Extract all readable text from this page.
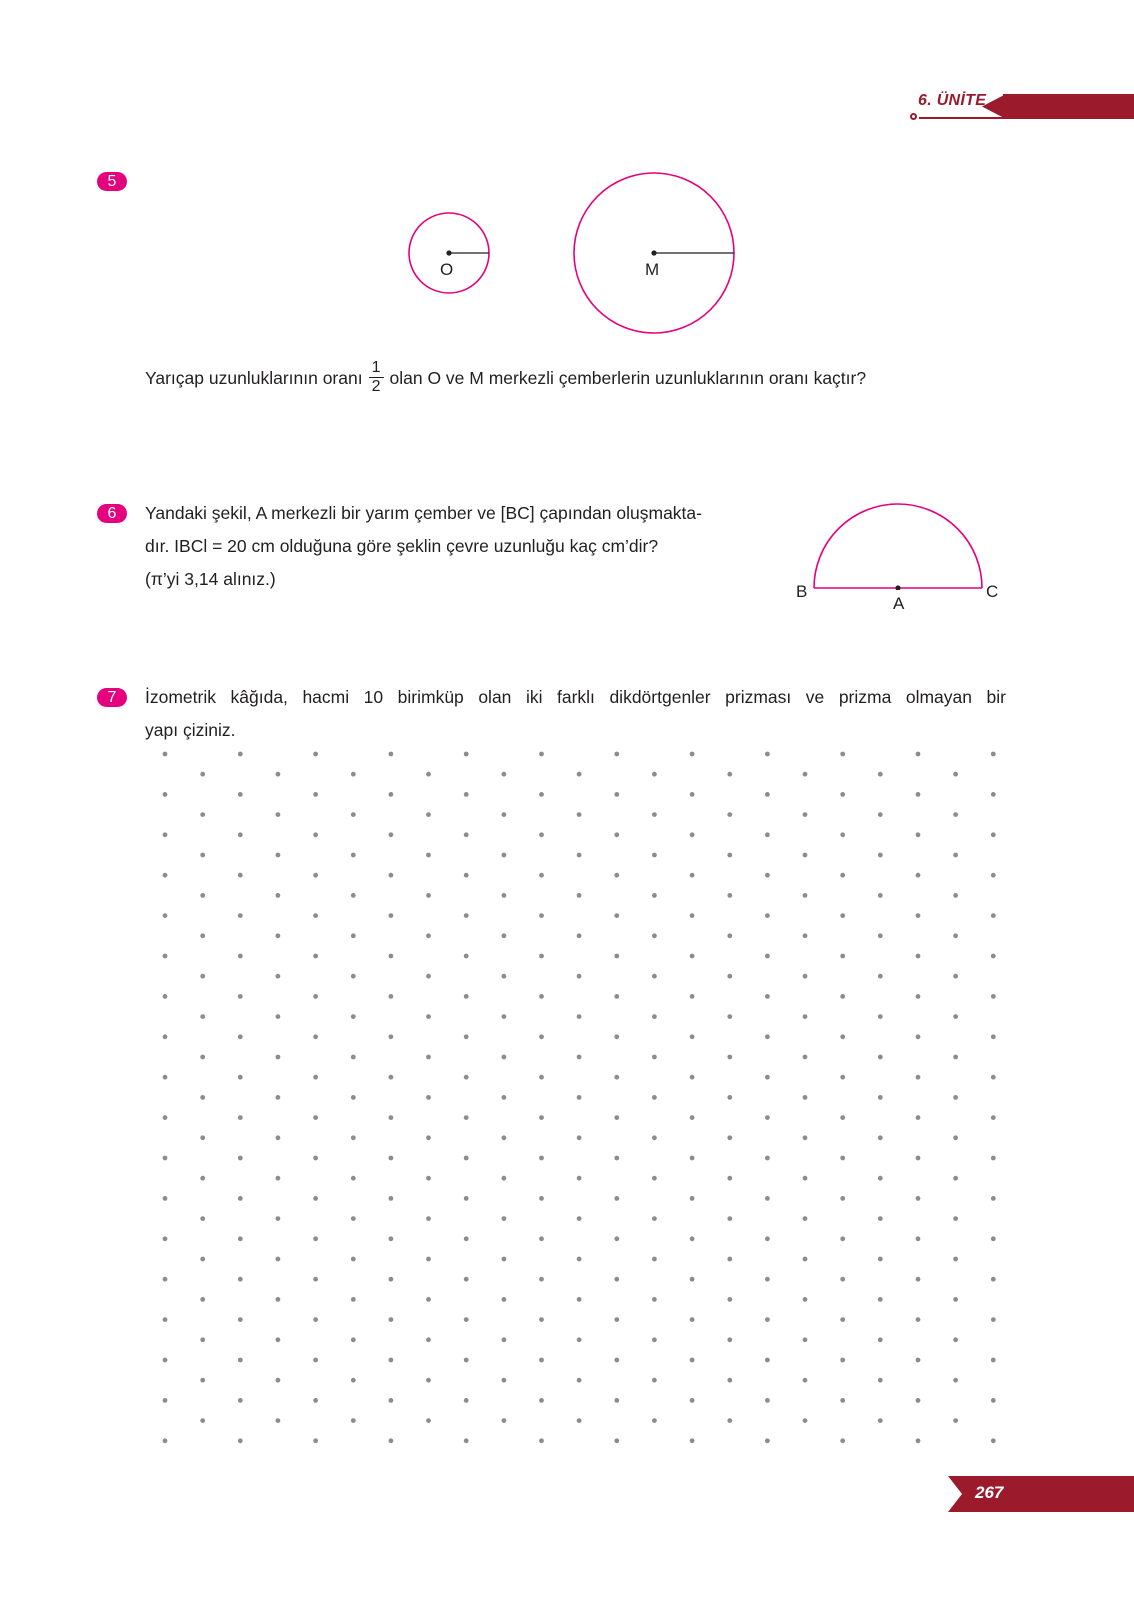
6. ÜNİTE
5
O	M
Yarıçap uzunluklarının oranı $\frac{1}{2}$ olan O ve M merkezli çemberlerin uzunluklarının oranı kaçtır?
6	Yandaki şekil, A merkezli bir yarım çember ve [BC] çapından oluşmakta-
dır. IBCl = 20 cm olduğuna göre şeklin çevre uzunluğu kaç cm’dir?
(π’yi 3,14 alınız.)
B
A
C
7	İzometrik kâğıda, hacmi 10 birimküp olan iki farklı dikdörtgenler prizması ve prizma olmayan bir
yapı çiziniz.
267
